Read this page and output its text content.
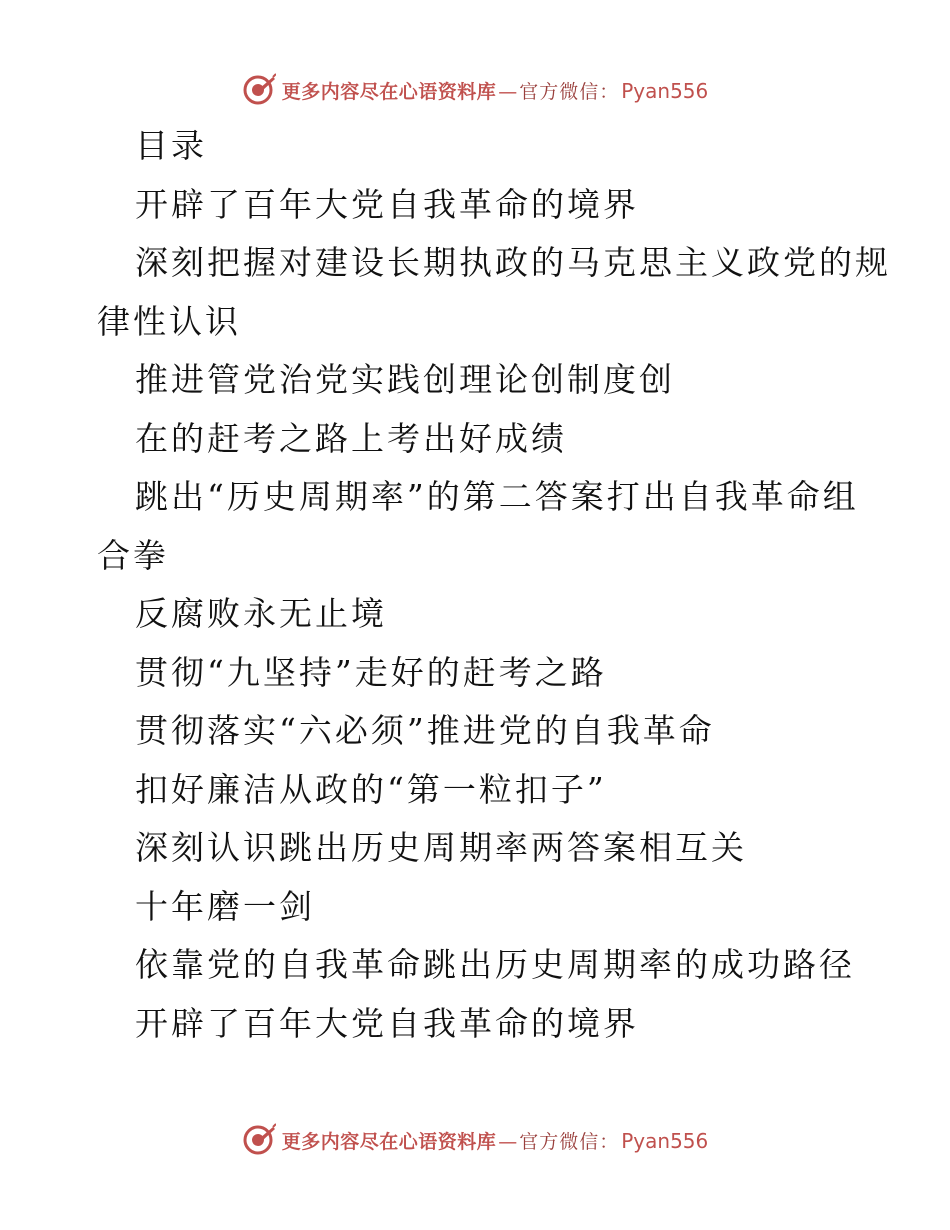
更多内容尽在心语资料库 — 官方微信： Pyan556
目录
开辟了百年大党自我革命的境界
深刻把握对建设长期执政的马克思主义政党的规
律性认识
推进管党治党实践创理论创制度创
在的赶考之路上考出好成绩
跳出“历史周期率”的第二答案打出自我革命组
合拳
反腐败永无止境
贯彻“九坚持”走好的赶考之路
贯彻落实“六必须”推进党的自我革命
扣好廉洁从政的“第一粒扣子”
深刻认识跳出历史周期率两答案相互关
十年磨一剑
依靠党的自我革命跳出历史周期率的成功路径
开辟了百年大党自我革命的境界
更多内容尽在心语资料库 — 官方微信： Pyan556
